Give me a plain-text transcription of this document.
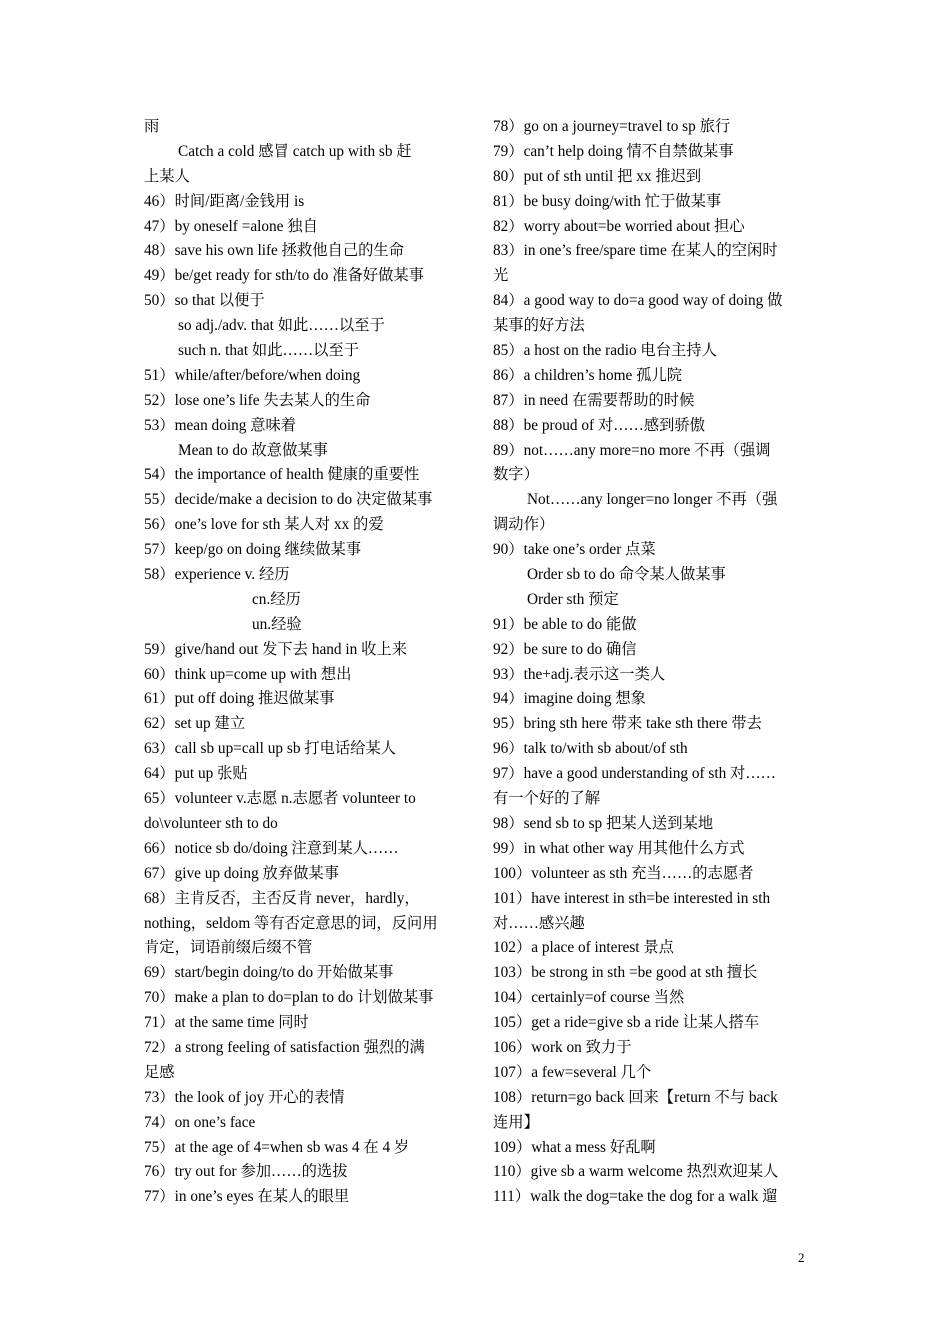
雨
Catch a cold 感冒 catch up with sb 赶
上某人
46）时间/距离/金钱用 is
47）by oneself =alone 独自
48）save his own life 拯救他自己的生命
49）be/get ready for sth/to do 准备好做某事
50）so that 以便于
so adj./adv. that 如此……以至于
such n. that 如此……以至于
51）while/after/before/when doing
52）lose one’s life 失去某人的生命
53）mean doing 意味着
Mean to do 故意做某事
54）the importance of health 健康的重要性
55）decide/make a decision to do 决定做某事
56）one’s love for sth 某人对 xx 的爱
57）keep/go on doing 继续做某事
58）experience v. 经历
cn.经历
un.经验
59）give/hand out 发下去 hand in 收上来
60）think up=come up with 想出
61）put off doing 推迟做某事
62）set up 建立
63）call sb up=call up sb 打电话给某人
64）put up 张贴
65）volunteer v.志愿 n.志愿者 volunteer to
do\volunteer sth to do
66）notice sb do/doing 注意到某人……
67）give up doing 放弃做某事
68）主肯反否，主否反肯 never，hardly，
nothing，seldom 等有否定意思的词，反问用
肯定，词语前缀后缀不管
69）start/begin doing/to do 开始做某事
70）make a plan to do=plan to do 计划做某事
71）at the same time 同时
72）a strong feeling of satisfaction 强烈的满
足感
73）the look of joy 开心的表情
74）on one’s face
75）at the age of 4=when sb was 4 在 4 岁
76）try out for 参加……的选拔
77）in one’s eyes 在某人的眼里
78）go on a journey=travel to sp 旅行
79）can’t help doing 情不自禁做某事
80）put of sth until 把 xx 推迟到
81）be busy doing/with 忙于做某事
82）worry about=be worried about 担心
83）in one’s free/spare time 在某人的空闲时
光
84）a good way to do=a good way of doing 做
某事的好方法
85）a host on the radio 电台主持人
86）a children’s home 孤儿院
87）in need 在需要帮助的时候
88）be proud of 对……感到骄傲
89）not……any more=no more 不再（强调
数字）
Not……any longer=no longer 不再（强
调动作）
90）take one’s order 点菜
Order sb to do 命令某人做某事
Order sth 预定
91）be able to do 能做
92）be sure to do 确信
93）the+adj.表示这一类人
94）imagine doing 想象
95）bring sth here 带来 take sth there 带去
96）talk to/with sb about/of sth
97）have a good understanding of sth 对……
有一个好的了解
98）send sb to sp 把某人送到某地
99）in what other way 用其他什么方式
100）volunteer as sth 充当……的志愿者
101）have interest in sth=be interested in sth
对……感兴趣
102）a place of interest 景点
103）be strong in sth =be good at sth 擅长
104）certainly=of course 当然
105）get a ride=give sb a ride 让某人搭车
106）work on 致力于
107）a few=several 几个
108）return=go back 回来【return 不与 back
连用】
109）what a mess 好乱啊
110）give sb a warm welcome 热烈欢迎某人
111）walk the dog=take the dog for a walk 遛
2
